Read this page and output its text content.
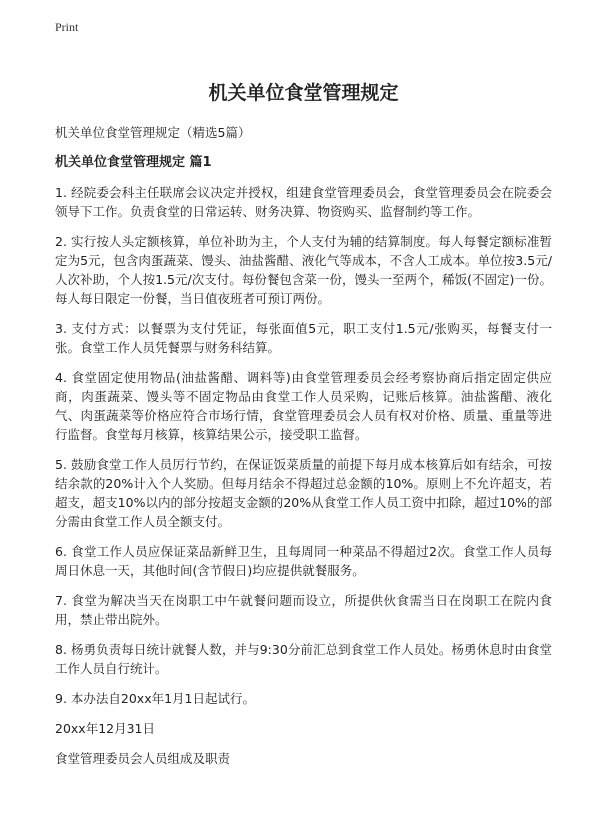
Print
机关单位食堂管理规定
机关单位食堂管理规定（精选5篇）
机关单位食堂管理规定 篇1

1. 经院委会科主任联席会议决定并授权，组建食堂管理委员会，食堂管理委员会在院委会领导下工作。负责食堂的日常运转、财务决算、物资购买、监督制约等工作。

2. 实行按人头定额核算，单位补助为主，个人支付为辅的结算制度。每人每餐定额标准暂定为5元，包含肉蛋蔬菜、馒头、油盐酱醋、液化气等成本，不含人工成本。单位按3.5元/人次补助，个人按1.5元/次支付。每份餐包含菜一份，馒头一至两个，稀饭(不固定)一份。每人每日限定一份餐，当日值夜班者可预订两份。

3. 支付方式：以餐票为支付凭证，每张面值5元，职工支付1.5元/张购买，每餐支付一张。食堂工作人员凭餐票与财务科结算。

4. 食堂固定使用物品(油盐酱醋、调料等)由食堂管理委员会经考察协商后指定固定供应商，肉蛋蔬菜、馒头等不固定物品由食堂工作人员采购，记账后核算。油盐酱醋、液化气、肉蛋蔬菜等价格应符合市场行情，食堂管理委员会人员有权对价格、质量、重量等进行监督。食堂每月核算，核算结果公示，接受职工监督。

5. 鼓励食堂工作人员厉行节约，在保证饭菜质量的前提下每月成本核算后如有结余，可按结余款的20%计入个人奖励。但每月结余不得超过总金额的10%。原则上不允许超支，若超支，超支10%以内的部分按超支金额的20%从食堂工作人员工资中扣除，超过10%的部分需由食堂工作人员全额支付。

6. 食堂工作人员应保证菜品新鲜卫生，且每周同一种菜品不得超过2次。食堂工作人员每周日休息一天，其他时间(含节假日)均应提供就餐服务。

7. 食堂为解决当天在岗职工中午就餐问题而设立，所提供伙食需当日在岗职工在院内食用，禁止带出院外。

8. 杨勇负责每日统计就餐人数，并与9:30分前汇总到食堂工作人员处。杨勇休息时由食堂工作人员自行统计。

9. 本办法自20xx年1月1日起试行。

20xx年12月31日

食堂管理委员会人员组成及职责
